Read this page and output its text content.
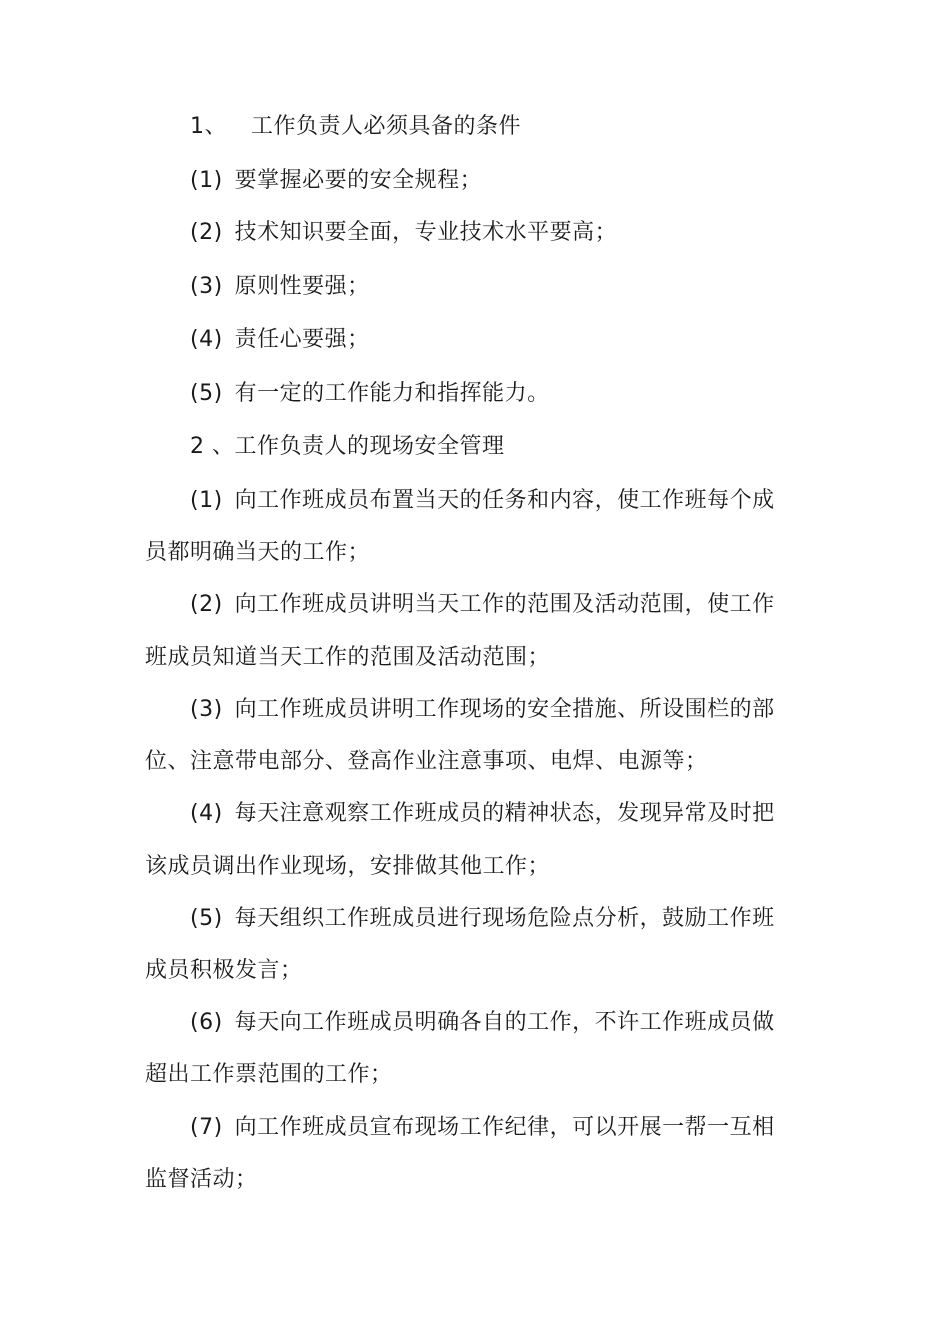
1、 工作负责人必须具备的条件
(1) 要掌握必要的安全规程；
(2) 技术知识要全面，专业技术水平要高；
(3) 原则性要强；
(4) 责任心要强；
(5) 有一定的工作能力和指挥能力。
2 、工作负责人的现场安全管理
(1) 向工作班成员布置当天的任务和内容，使工作班每个成
员都明确当天的工作；
(2) 向工作班成员讲明当天工作的范围及活动范围，使工作
班成员知道当天工作的范围及活动范围；
(3) 向工作班成员讲明工作现场的安全措施、所设围栏的部
位、注意带电部分、登高作业注意事项、电焊、电源等；
(4) 每天注意观察工作班成员的精神状态，发现异常及时把
该成员调出作业现场，安排做其他工作；
(5) 每天组织工作班成员进行现场危险点分析，鼓励工作班
成员积极发言；
(6) 每天向工作班成员明确各自的工作，不许工作班成员做
超出工作票范围的工作；
(7) 向工作班成员宣布现场工作纪律，可以开展一帮一互相
监督活动；
